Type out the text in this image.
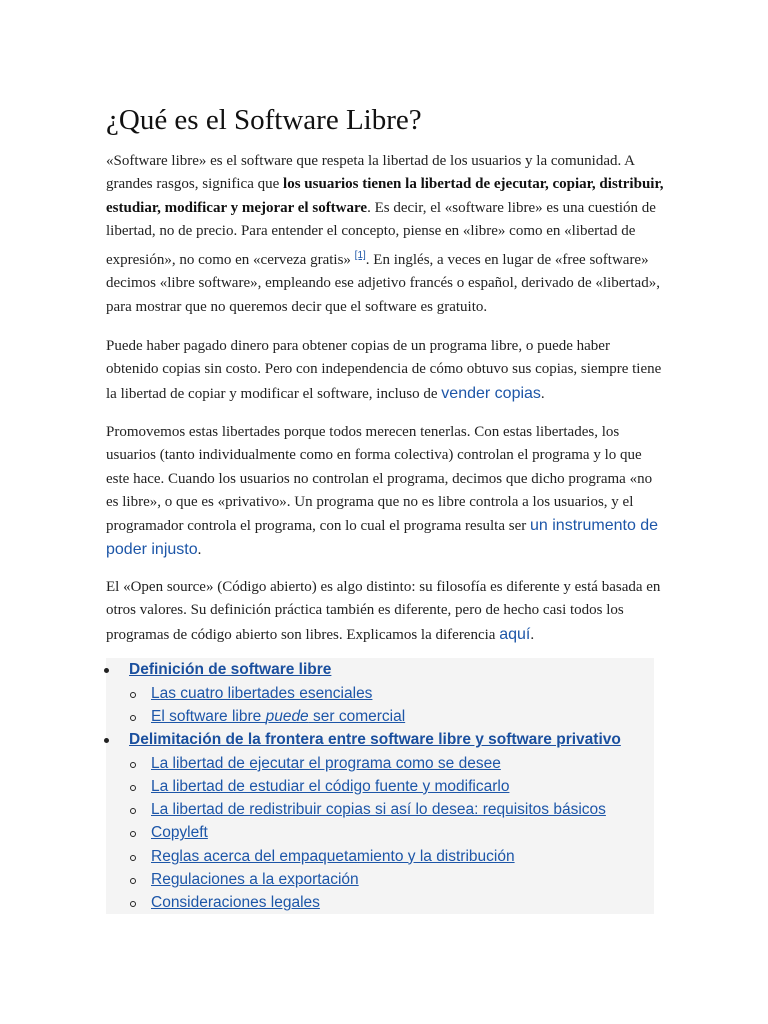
¿Qué es el Software Libre?

«Software libre» es el software que respeta la libertad de los usuarios y la comunidad. A grandes rasgos, significa que los usuarios tienen la libertad de ejecutar, copiar, distribuir, estudiar, modificar y mejorar el software. Es decir, el «software libre» es una cuestión de libertad, no de precio. Para entender el concepto, piense en «libre» como en «libertad de expresión», no como en «cerveza gratis» [1]. En inglés, a veces en lugar de «free software» decimos «libre software», empleando ese adjetivo francés o español, derivado de «libertad», para mostrar que no queremos decir que el software es gratuito.

Puede haber pagado dinero para obtener copias de un programa libre, o puede haber obtenido copias sin costo. Pero con independencia de cómo obtuvo sus copias, siempre tiene la libertad de copiar y modificar el software, incluso de vender copias.

Promovemos estas libertades porque todos merecen tenerlas. Con estas libertades, los usuarios (tanto individualmente como en forma colectiva) controlan el programa y lo que este hace. Cuando los usuarios no controlan el programa, decimos que dicho programa «no es libre», o que es «privativo». Un programa que no es libre controla a los usuarios, y el programador controla el programa, con lo cual el programa resulta ser un instrumento de poder injusto.

El «Open source» (Código abierto) es algo distinto: su filosofía es diferente y está basada en otros valores. Su definición práctica también es diferente, pero de hecho casi todos los programas de código abierto son libres. Explicamos la diferencia aquí.

Definición de software libre
Las cuatro libertades esenciales
El software libre puede ser comercial
Delimitación de la frontera entre software libre y software privativo
La libertad de ejecutar el programa como se desee
La libertad de estudiar el código fuente y modificarlo
La libertad de redistribuir copias si así lo desea: requisitos básicos
Copyleft
Reglas acerca del empaquetamiento y la distribución
Regulaciones a la exportación
Consideraciones legales
